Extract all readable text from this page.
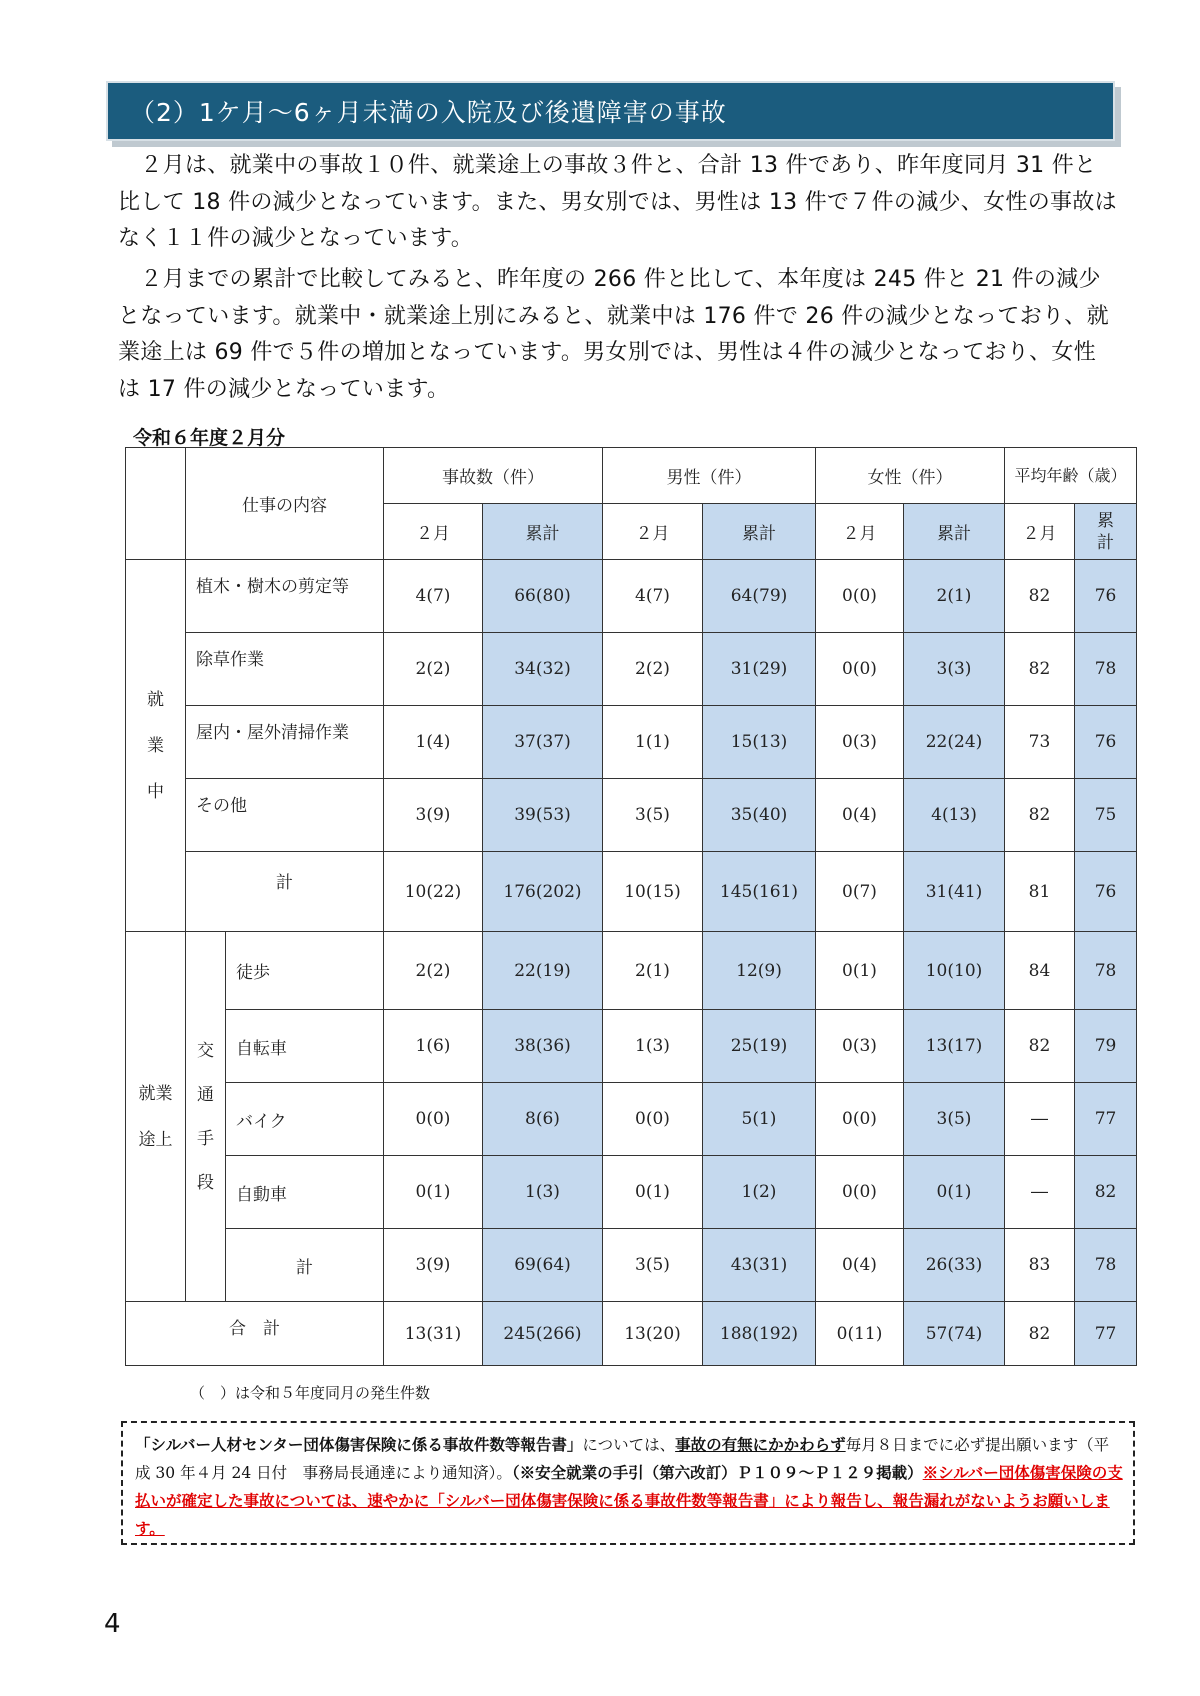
（2）1ケ月～6ヶ月未満の入院及び後遺障害の事故

　２月は、就業中の事故１０件、就業途上の事故３件と、合計 13 件であり、昨年度同月 31 件と比して 18 件の減少となっています。また、男女別では、男性は 13 件で７件の減少、女性の事故はなく１１件の減少となっています。

　２月までの累計で比較してみると、昨年度の 266 件と比して、本年度は 245 件と 21 件の減少となっています。就業中・就業途上別にみると、就業中は 176 件で 26 件の減少となっており、就業途上は 69 件で５件の増加となっています。男女別では、男性は４件の減少となっており、女性は 17 件の減少となっています。

令和６年度２月分
	仕事の内容		事故数（件）		男性（件）		女性（件）		平均年齢（歳）	
			２月	累計	２月	累計	２月	累計	２月	累計
就業中	植木・樹木の剪定等		4(7)	66(80)	4(7)	64(79)	0(0)	2(1)	82	76
	除草作業		2(2)	34(32)	2(2)	31(29)	0(0)	3(3)	82	78
	屋内・屋外清掃作業		1(4)	37(37)	1(1)	15(13)	0(3)	22(24)	73	76
	その他		3(9)	39(53)	3(5)	35(40)	0(4)	4(13)	82	75
	計		10(22)	176(202)	10(15)	145(161)	0(7)	31(41)	81	76
就業途上	交通手段	徒歩	2(2)	22(19)	2(1)	12(9)	0(1)	10(10)	84	78
		自転車	1(6)	38(36)	1(3)	25(19)	0(3)	13(17)	82	79
		バイク	0(0)	8(6)	0(0)	5(1)	0(0)	3(5)	―	77
		自動車	0(1)	1(3)	0(1)	1(2)	0(0)	0(1)	―	82
		計	3(9)	69(64)	3(5)	43(31)	0(4)	26(33)	83	78
合　計			13(31)	245(266)	13(20)	188(192)	0(11)	57(74)	82	77
（　）は令和５年度同月の発生件数
「シルバー人材センター団体傷害保険に係る事故件数等報告書」については、事故の有無にかかわらず毎月８日までに必ず提出願います（平成 30 年４月 24 日付　事務局長通達により通知済）。（※安全就業の手引（第六改訂）Ｐ１０９～Ｐ１２９掲載）※シルバー団体傷害保険の支払いが確定した事故については、速やかに「シルバー団体傷害保険に係る事故件数等報告書」により報告し、報告漏れがないようお願いします。
4
